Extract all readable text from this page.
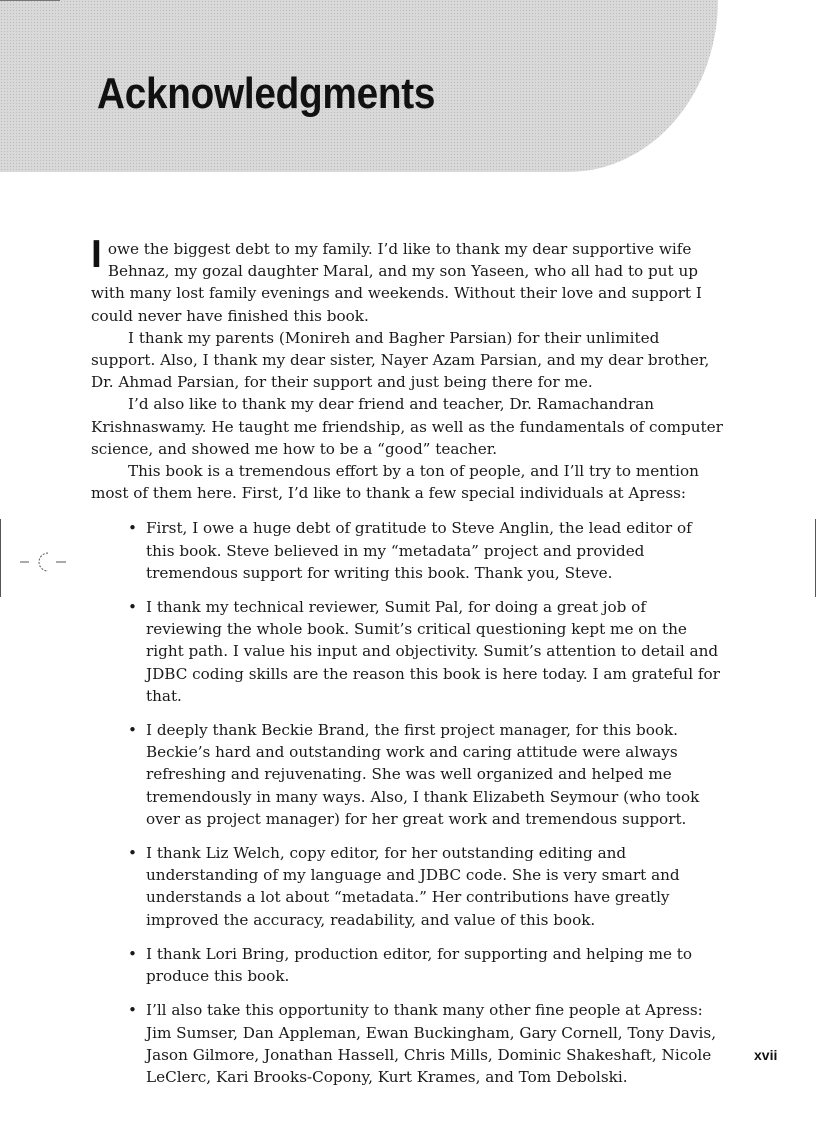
Acknowledgments

Iowe the biggest debt to my family. I’d like to thank my dear supportive wife Behnaz, my gozal daughter Maral, and my son Yaseen, who all had to put up with many lost family evenings and weekends. Without their love and support I could never have finished this book.

I thank my parents (Monireh and Bagher Parsian) for their unlimited support. Also, I thank my dear sister, Nayer Azam Parsian, and my dear brother, Dr. Ahmad Parsian, for their support and just being there for me.

I’d also like to thank my dear friend and teacher, Dr. Ramachandran Krishnaswamy. He taught me friendship, as well as the fundamentals of computer science, and showed me how to be a “good” teacher.

This book is a tremendous effort by a ton of people, and I’ll try to mention most of them here. First, I’d like to thank a few special individuals at Apress:

• First, I owe a huge debt of gratitude to Steve Anglin, the lead editor of this book. Steve believed in my “metadata” project and provided tremendous support for writing this book. Thank you, Steve.
• I thank my technical reviewer, Sumit Pal, for doing a great job of reviewing the whole book. Sumit’s critical questioning kept me on the right path. I value his input and objectivity. Sumit’s attention to detail and JDBC coding skills are the reason this book is here today. I am grateful for that.
• I deeply thank Beckie Brand, the first project manager, for this book. Beckie’s hard and outstanding work and caring attitude were always refreshing and rejuvenating. She was well organized and helped me tremendously in many ways. Also, I thank Elizabeth Seymour (who took over as project manager) for her great work and tremendous support.
• I thank Liz Welch, copy editor, for her outstanding editing and understanding of my language and JDBC code. She is very smart and understands a lot about “metadata.” Her contributions have greatly improved the accuracy, readability, and value of this book.
• I thank Lori Bring, production editor, for supporting and helping me to produce this book.
• I’ll also take this opportunity to thank many other fine people at Apress: Jim Sumser, Dan Appleman, Ewan Buckingham, Gary Cornell, Tony Davis, Jason Gilmore, Jonathan Hassell, Chris Mills, Dominic Shakeshaft, Nicole LeClerc, Kari Brooks-Copony, Kurt Krames, and Tom Debolski.
xvii
